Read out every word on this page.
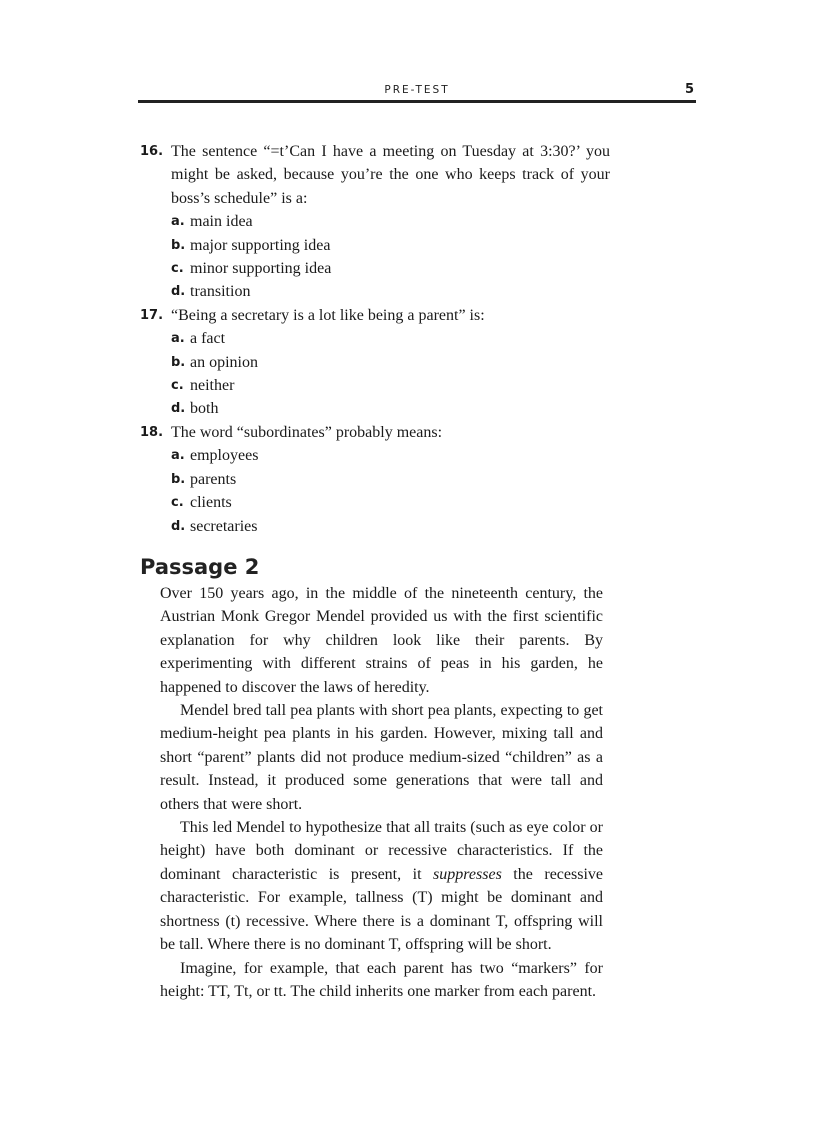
PRE-TEST	5
16. The sentence “=t’Can I have a meeting on Tuesday at 3:30?’ you might be asked, because you’re the one who keeps track of your boss’s schedule” is a:
a. main idea
b. major supporting idea
c. minor supporting idea
d. transition
17. “Being a secretary is a lot like being a parent” is:
a. a fact
b. an opinion
c. neither
d. both
18. The word “subordinates” probably means:
a. employees
b. parents
c. clients
d. secretaries
Passage 2

Over 150 years ago, in the middle of the nineteenth century, the Austrian Monk Gregor Mendel provided us with the first scientific explanation for why children look like their parents. By experimenting with different strains of peas in his garden, he happened to discover the laws of heredity.

Mendel bred tall pea plants with short pea plants, expecting to get medium-height pea plants in his garden. However, mixing tall and short “parent” plants did not produce medium-sized “children” as a result. Instead, it produced some generations that were tall and others that were short.

This led Mendel to hypothesize that all traits (such as eye color or height) have both dominant or recessive characteristics. If the dominant characteristic is present, it suppresses the recessive characteristic. For example, tallness (T) might be dominant and shortness (t) recessive. Where there is a dominant T, offspring will be tall. Where there is no dominant T, offspring will be short.

Imagine, for example, that each parent has two “markers” for height: TT, Tt, or tt. The child inherits one marker from each parent.
